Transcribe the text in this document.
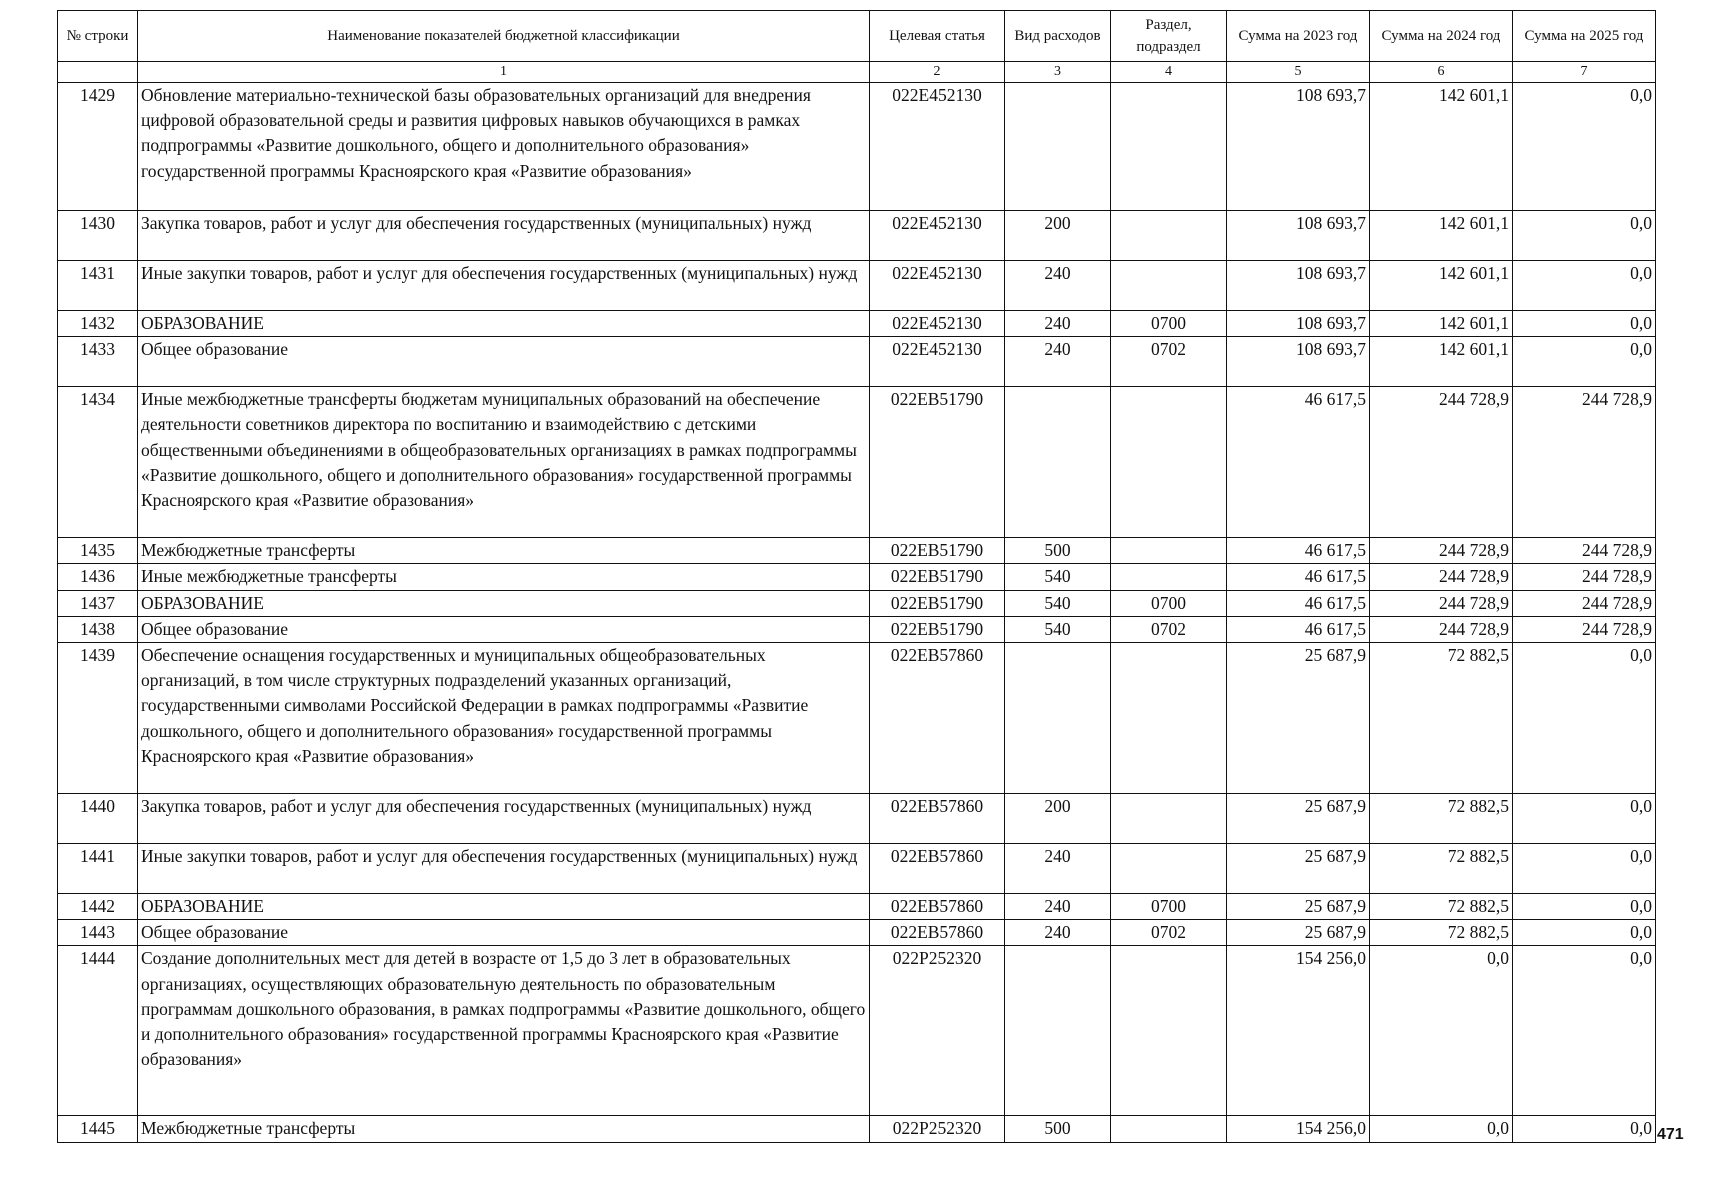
№ строки	Наименование показателей бюджетной классификации	Целевая статья	Вид расходов	Раздел, подраздел	Сумма на 2023 год	Сумма на 2024 год	Сумма на 2025 год
	1	2	3	4	5	6	7
1429	Обновление материально-технической базы образовательных организаций для внедрения цифровой образовательной среды и развития цифровых навыков обучающихся в рамках подпрограммы «Развитие дошкольного, общего и дополнительного образования» государственной программы Красноярского края «Развитие образования»	022E452130			108 693,7	142 601,1	0,0
1430	Закупка товаров, работ и услуг для обеспечения государственных (муниципальных) нужд	022E452130	200		108 693,7	142 601,1	0,0
1431	Иные закупки товаров, работ и услуг для обеспечения государственных (муниципальных) нужд	022E452130	240		108 693,7	142 601,1	0,0
1432	ОБРАЗОВАНИЕ	022E452130	240	0700	108 693,7	142 601,1	0,0
1433	Общее образование	022E452130	240	0702	108 693,7	142 601,1	0,0
1434	Иные межбюджетные трансферты бюджетам муниципальных образований на обеспечение деятельности советников директора по воспитанию и взаимодействию с детскими общественными объединениями в общеобразовательных организациях в рамках подпрограммы «Развитие дошкольного, общего и дополнительного образования» государственной программы Красноярского края «Развитие образования»	022EB51790			46 617,5	244 728,9	244 728,9
1435	Межбюджетные трансферты	022EB51790	500		46 617,5	244 728,9	244 728,9
1436	Иные межбюджетные трансферты	022EB51790	540		46 617,5	244 728,9	244 728,9
1437	ОБРАЗОВАНИЕ	022EB51790	540	0700	46 617,5	244 728,9	244 728,9
1438	Общее образование	022EB51790	540	0702	46 617,5	244 728,9	244 728,9
1439	Обеспечение оснащения государственных и муниципальных общеобразовательных организаций, в том числе структурных подразделений указанных организаций, государственными символами Российской Федерации в рамках подпрограммы «Развитие дошкольного, общего и дополнительного образования» государственной программы Красноярского края «Развитие образования»	022EB57860			25 687,9	72 882,5	0,0
1440	Закупка товаров, работ и услуг для обеспечения государственных (муниципальных) нужд	022EB57860	200		25 687,9	72 882,5	0,0
1441	Иные закупки товаров, работ и услуг для обеспечения государственных (муниципальных) нужд	022EB57860	240		25 687,9	72 882,5	0,0
1442	ОБРАЗОВАНИЕ	022EB57860	240	0700	25 687,9	72 882,5	0,0
1443	Общее образование	022EB57860	240	0702	25 687,9	72 882,5	0,0
1444	Создание дополнительных мест для детей в возрасте от 1,5 до 3 лет в образовательных организациях, осуществляющих образовательную деятельность по образовательным программам дошкольного образования, в рамках подпрограммы «Развитие дошкольного, общего и дополнительного образования» государственной программы Красноярского края «Развитие образования»	022P252320			154 256,0	0,0	0,0
1445	Межбюджетные трансферты	022P252320	500		154 256,0	0,0	0,0 471
